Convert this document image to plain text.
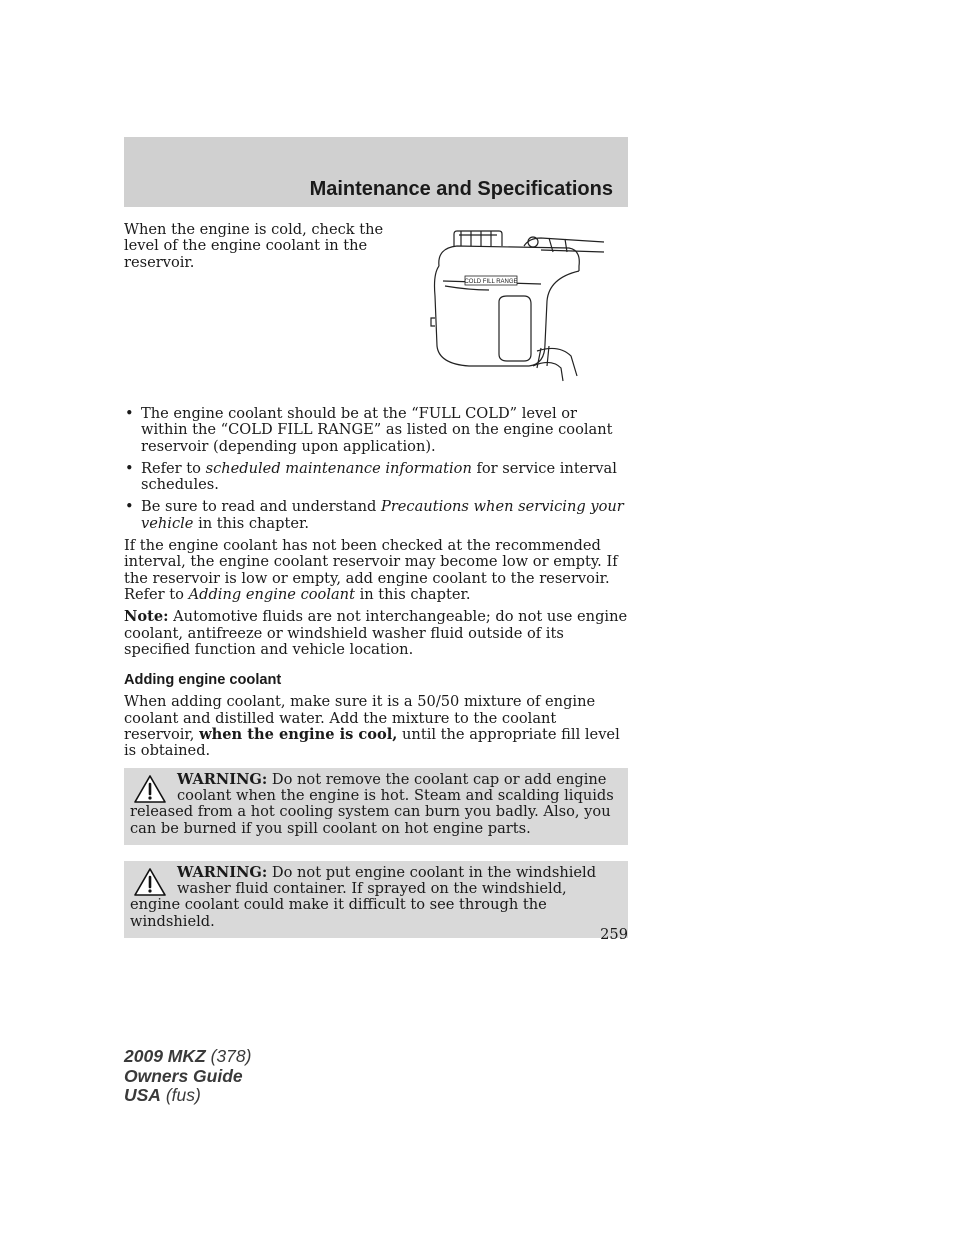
Maintenance and Specifications

When the engine is cold, check the level of the engine coolant in the reservoir.

COLD FILL RANGE
• The engine coolant should be at the “FULL COLD” level or within the “COLD FILL RANGE” as listed on the engine coolant reservoir (depending upon application).
• Refer to scheduled maintenance information for service interval schedules.
• Be sure to read and understand Precautions when servicing your vehicle in this chapter.

If the engine coolant has not been checked at the recommended interval, the engine coolant reservoir may become low or empty. If the reservoir is low or empty, add engine coolant to the reservoir. Refer to Adding engine coolant in this chapter.

Note: Automotive fluids are not interchangeable; do not use engine coolant, antifreeze or windshield washer fluid outside of its specified function and vehicle location.

Adding engine coolant

When adding coolant, make sure it is a 50/50 mixture of engine coolant and distilled water. Add the mixture to the coolant reservoir, when the engine is cool, until the appropriate fill level is obtained.

WARNING: Do not remove the coolant cap or add engine coolant when the engine is hot. Steam and scalding liquids released from a hot cooling system can burn you badly. Also, you can be burned if you spill coolant on hot engine parts.

WARNING: Do not put engine coolant in the windshield washer fluid container. If sprayed on the windshield, engine coolant could make it difficult to see through the windshield.

259
2009 MKZ (378)
Owners Guide
USA (fus)
